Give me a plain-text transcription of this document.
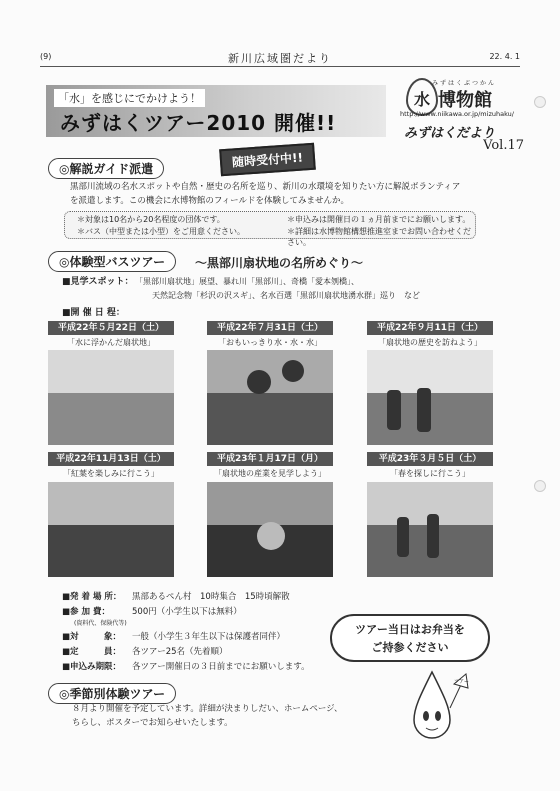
(9)	新川広域圏だより	22. 4. 1
「水」を感じにでかけよう！
みずはくツアー2010 開催!!
水
みずはくぶつかん
博物館
http://www.niikawa.or.jp/mizuhaku/
みずはくだより
Vol.17
◎解説ガイド派遣	随時受付中!!
黒部川流域の名水スポットや自然・歴史の名所を巡り、新川の水環境を知りたい方に解説ボランティア
を派遣します。この機会に水博物館のフィールドを体験してみませんか。
＊対象は10名から20名程度の団体です。	＊申込みは開催日の１ヵ月前までにお願いします。
＊バス（中型または小型）をご用意ください。	＊詳細は水博物館構想推進室までお問い合わせください。
◎体験型バスツアー	～黒部川扇状地の名所めぐり～
■見学スポット： 「黒部川扇状地」展望、暴れ川「黒部川」、奇橋「愛本刎橋」、
天然記念物「杉沢の沢スギ」、名水百選「黒部川扇状地湧水群」巡り　など
■開 催 日 程：
平成22年５月22日（土）
「水に浮かんだ扇状地」
平成22年７月31日（土）
「おもいっきり水・水・水」
平成22年９月11日（土）
「扇状地の歴史を訪ねよう」
平成22年11月13日（土）
「紅葉を楽しみに行こう」
平成23年１月17日（月）
「扇状地の産業を見学しよう」
平成23年３月５日（土）
「春を探しに行こう」
■発 着 場 所： 黒部あるぺん村　10時集合　15時頃解散
■参 加 費：	500円（小学生以下は無料）
(資料代、保険代等)
■対　　　象： 一般（小学生３年生以下は保護者同伴）
■定　　　員： 各ツアー25名（先着順）
■申込み期限： 各ツアー開催日の３日前までにお願いします。
ツアー当日はお弁当を
ご持参ください
ツアー
◎季節別体験ツアー
８月より開催を予定しています。詳細が決まりしだい、ホームページ、
ちらし、ポスターでお知らせいたします。
